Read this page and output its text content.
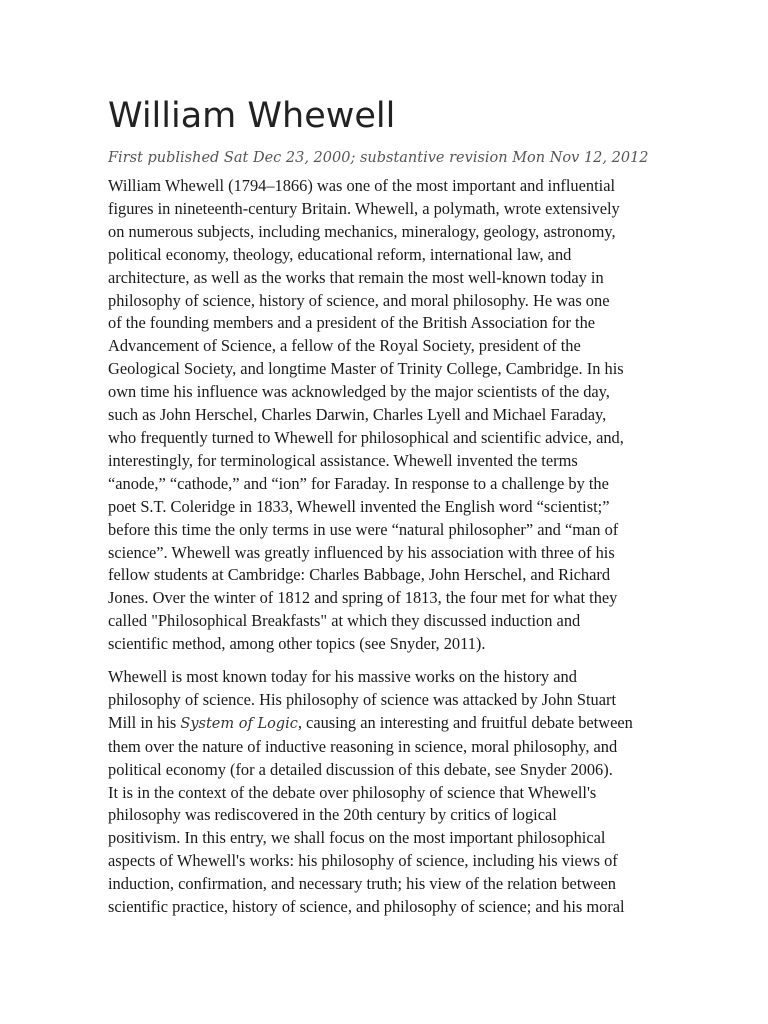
William Whewell
First published Sat Dec 23, 2000; substantive revision Mon Nov 12, 2012

William Whewell (1794–1866) was one of the most important and influential
figures in nineteenth-century Britain. Whewell, a polymath, wrote extensively
on numerous subjects, including mechanics, mineralogy, geology, astronomy,
political economy, theology, educational reform, international law, and
architecture, as well as the works that remain the most well-known today in
philosophy of science, history of science, and moral philosophy. He was one
of the founding members and a president of the British Association for the
Advancement of Science, a fellow of the Royal Society, president of the
Geological Society, and longtime Master of Trinity College, Cambridge. In his
own time his influence was acknowledged by the major scientists of the day,
such as John Herschel, Charles Darwin, Charles Lyell and Michael Faraday,
who frequently turned to Whewell for philosophical and scientific advice, and,
interestingly, for terminological assistance. Whewell invented the terms
“anode,” “cathode,” and “ion” for Faraday. In response to a challenge by the
poet S.T. Coleridge in 1833, Whewell invented the English word “scientist;”
before this time the only terms in use were “natural philosopher” and “man of
science”. Whewell was greatly influenced by his association with three of his
fellow students at Cambridge: Charles Babbage, John Herschel, and Richard
Jones. Over the winter of 1812 and spring of 1813, the four met for what they
called "Philosophical Breakfasts" at which they discussed induction and
scientific method, among other topics (see Snyder, 2011).

Whewell is most known today for his massive works on the history and
philosophy of science. His philosophy of science was attacked by John Stuart
Mill in his System of Logic, causing an interesting and fruitful debate between
them over the nature of inductive reasoning in science, moral philosophy, and
political economy (for a detailed discussion of this debate, see Snyder 2006).
It is in the context of the debate over philosophy of science that Whewell's
philosophy was rediscovered in the 20th century by critics of logical
positivism. In this entry, we shall focus on the most important philosophical
aspects of Whewell's works: his philosophy of science, including his views of
induction, confirmation, and necessary truth; his view of the relation between
scientific practice, history of science, and philosophy of science; and his moral
